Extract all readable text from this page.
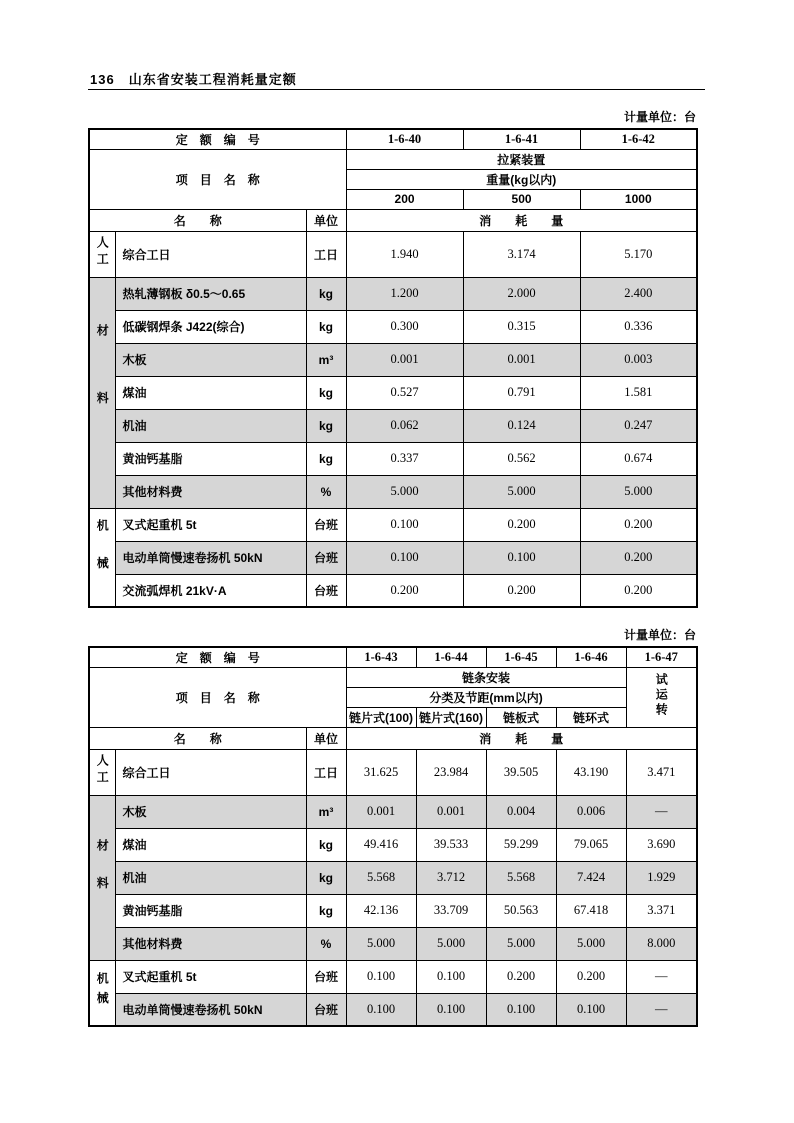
136 山东省安装工程消耗量定额
计量单位：台
定　额　编　号			1-6-40	1-6-41	1-6-42
项　目　名　称			拉紧装置		
			重量(kg以内)		
			200	500	1000
名　　称		单位	消　　耗　　量		
人工	综合工日	工日	1.940	3.174	5.170
材料	热轧薄钢板 δ0.5～0.65	kg	1.200	2.000	2.400
	低碳钢焊条 J422(综合)	kg	0.300	0.315	0.336
	木板	m³	0.001	0.001	0.003
	煤油	kg	0.527	0.791	1.581
	机油	kg	0.062	0.124	0.247
	黄油钙基脂	kg	0.337	0.562	0.674
	其他材料费	%	5.000	5.000	5.000
机械	叉式起重机 5t	台班	0.100	0.200	0.200
	电动单筒慢速卷扬机 50kN	台班	0.100	0.100	0.200
	交流弧焊机 21kV·A	台班	0.200	0.200	0.200
计量单位：台
定　额　编　号			1-6-43	1-6-44	1-6-45	1-6-46	1-6-47
项　目　名　称			链条安装				试运转
			分类及节距(mm以内)				
			链片式(100)	链片式(160)	链板式	链环式	
名　　称		单位	消　　耗　　量				
人工	综合工日	工日	31.625	23.984	39.505	43.190	3.471
材料	木板	m³	0.001	0.001	0.004	0.006	—
	煤油	kg	49.416	39.533	59.299	79.065	3.690
	机油	kg	5.568	3.712	5.568	7.424	1.929
	黄油钙基脂	kg	42.136	33.709	50.563	67.418	3.371
	其他材料费	%	5.000	5.000	5.000	5.000	8.000
机械	叉式起重机 5t	台班	0.100	0.100	0.200	0.200	—
	电动单筒慢速卷扬机 50kN	台班	0.100	0.100	0.100	0.100	—
